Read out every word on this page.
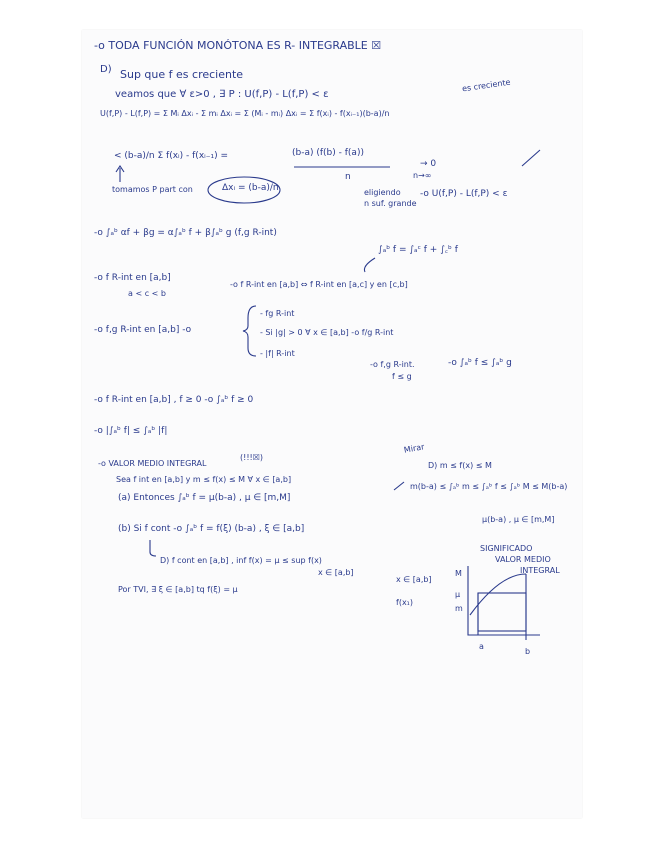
-o TODA FUNCIÓN MONÓTONA ES R- INTEGRABLE ☒
D) Sup que f es creciente
veamos que ∀ ε>0 , ∃ P : U(f,P) - L(f,P) < ε
es creciente
U(f,P) - L(f,P) = Σ Mᵢ Δxᵢ - Σ mᵢ Δxᵢ = Σ (Mᵢ - mᵢ) Δxᵢ = Σ f(xᵢ) - f(xᵢ₋₁)(b-a)/n
< (b-a)/n Σ f(xᵢ) - f(xᵢ₋₁) =	(b-a) (f(b) - f(a))
n
→ 0
n→∞
tomamos P part con	Δxᵢ = (b-a)/n	eligiendo
n suf. grande
-o U(f,P) - L(f,P) < ε
-o ∫ₐᵇ αf + βg = α∫ₐᵇ f + β∫ₐᵇ g (f,g R-int)
∫ₐᵇ f = ∫ₐᶜ f + ∫꜀ᵇ f
-o f R-int en [a,b]
a < c < b
-o f R-int en [a,b] ⇔ f R-int en [a,c] y en [c,b]
-o f,g R-int en [a,b] -o
- fg R-int
- Si |g| > 0 ∀ x ∈ [a,b] -o f/g R-int
- |f| R-int
-o f,g R-int.
f ≤ g
-o ∫ₐᵇ f ≤ ∫ₐᵇ g
-o f R-int en [a,b] , f ≥ 0 -o ∫ₐᵇ f ≥ 0
-o |∫ₐᵇ f| ≤ ∫ₐᵇ |f|
-o VALOR MEDIO INTEGRAL
(!!!☒)
Mirar
D) m ≤ f(x) ≤ M
Sea f int en [a,b] y m ≤ f(x) ≤ M ∀ x ∈ [a,b]
(a) Entonces ∫ₐᵇ f = μ(b-a) , μ ∈ [m,M]
m(b-a) ≤ ∫ₐᵇ m ≤ ∫ₐᵇ f ≤ ∫ₐᵇ M ≤ M(b-a)
μ(b-a) , μ ∈ [m,M]
(b) Si f cont -o ∫ₐᵇ f = f(ξ) (b-a) , ξ ∈ [a,b]
D) f cont en [a,b] , inf f(x) = μ ≤ sup f(x)
x ∈ [a,b]
x ∈ [a,b]
Por TVI, ∃ ξ ∈ [a,b] tq f(ξ) = μ
f(x₁)
SIGNIFICADO
VALOR MEDIO
INTEGRAL
M
μ
m
a
b
